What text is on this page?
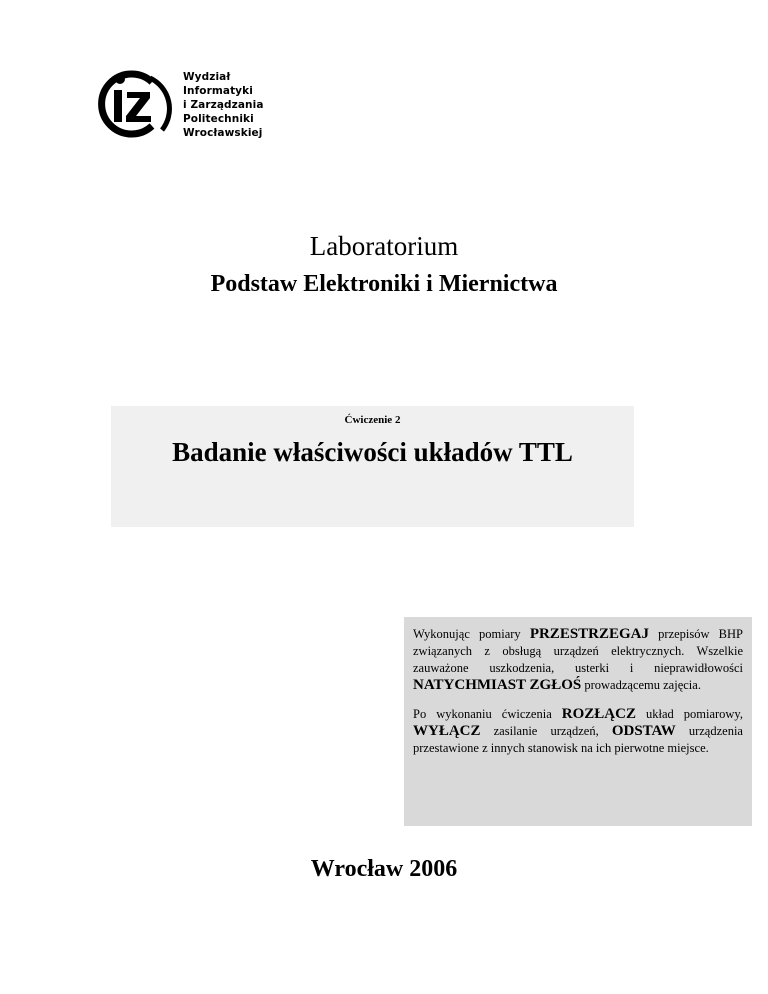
Wydział
Informatyki
i Zarządzania
Politechniki
Wrocławskiej
Laboratorium
Podstaw Elektroniki i Miernictwa
Ćwiczenie 2
Badanie właściwości układów TTL

Wykonując pomiary PRZESTRZEGAJ przepisów BHP związanych z obsługą urządzeń elektrycznych. Wszelkie zauważone uszkodzenia, usterki i nieprawidłowości NATYCHMIAST ZGŁOŚ prowadzącemu zajęcia.

Po wykonaniu ćwiczenia ROZŁĄCZ układ pomiarowy, WYŁĄCZ zasilanie urządzeń, ODSTAW urządzenia przestawione z innych stanowisk na ich pierwotne miejsce.

Wrocław 2006
